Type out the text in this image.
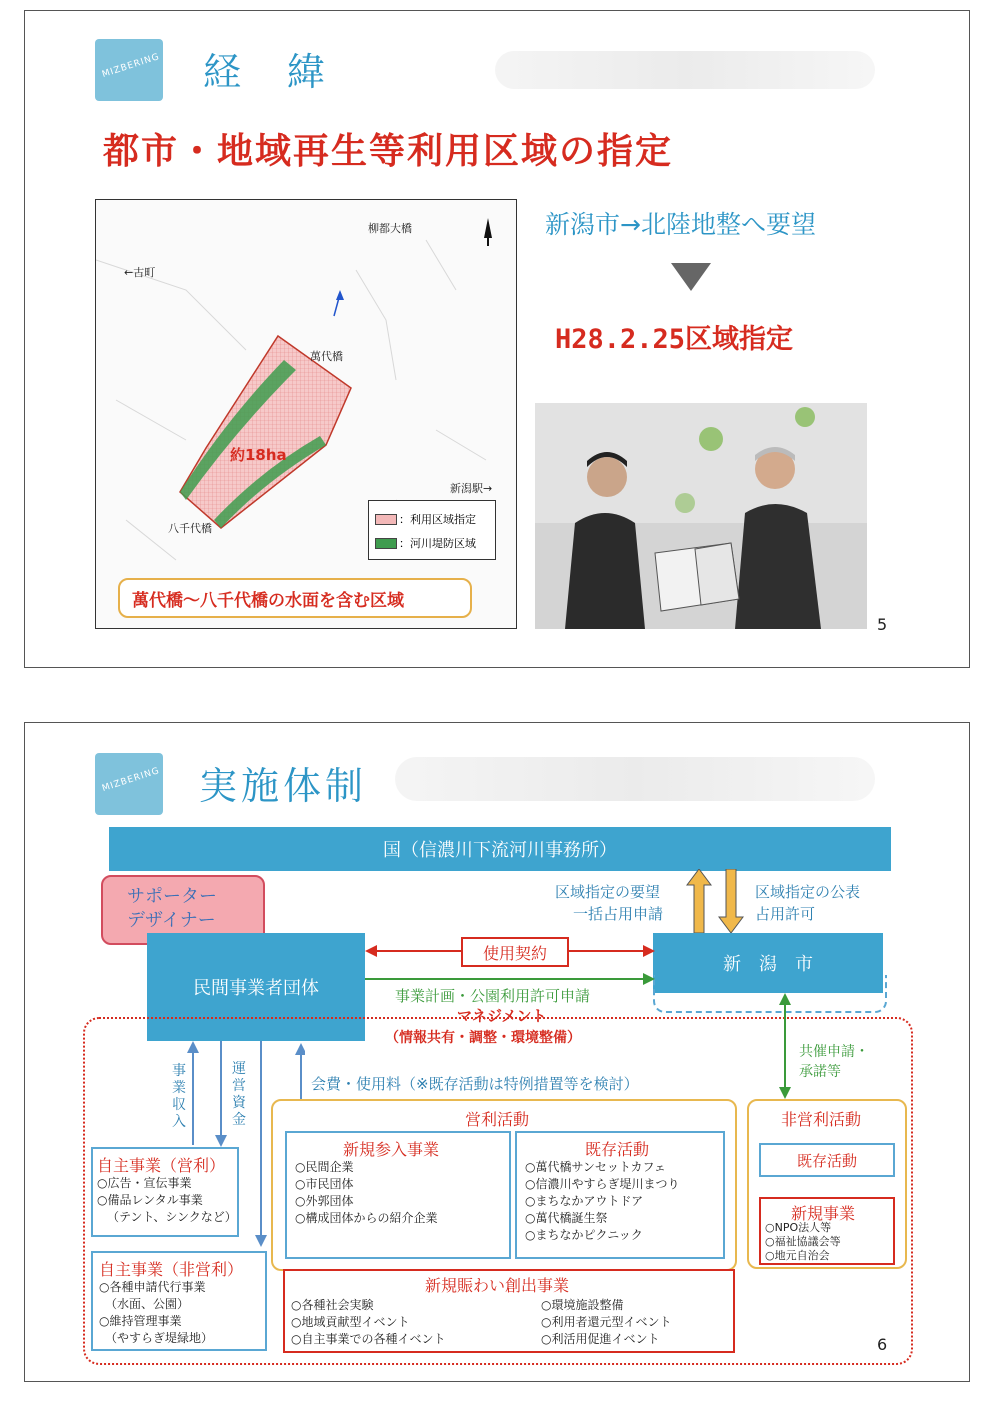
MIZBERING 経　緯
都市・地域再生等利用区域の指定
柳都大橋
←古町
萬代橋
約18ha
新潟駅→
八千代橋
：利用区域指定
：河川堤防区域
萬代橋～八千代橋の水面を含む区域
新潟市→北陸地整へ要望
H28.2.25区域指定
5
MIZBERING 実施体制
国（信濃川下流河川事務所）
サポーター
デザイナー
区域指定の要望
一括占用申請
区域指定の公表
占用許可
民間事業者団体
新　潟　市
使用契約
事業計画・公園利用許可申請
マネジメント
（情報共有・調整・環境整備）
共催申請・
承諾等
事業収入
運営資金
会費・使用料（※既存活動は特例措置等を検討）
営利活動
新規参入事業
○民間企業
○市民団体
○外郭団体
○構成団体からの紹介企業
既存活動
○萬代橋サンセットカフェ
○信濃川やすらぎ堤川まつり
○まちなかアウトドア
○萬代橋誕生祭
○まちなかピクニック
非営利活動
既存活動
新規事業
○NPO法人等
○福祉協議会等
○地元自治会
自主事業（営利）
○広告・宣伝事業
○備品レンタル事業
（テント、シンクなど）
自主事業（非営利）
○各種申請代行事業
（水面、公園）
○維持管理事業
（やすらぎ堤緑地）
新規賑わい創出事業
○各種社会実験
○地域貢献型イベント
○自主事業での各種イベント
○環境施設整備
○利用者還元型イベント
○利活用促進イベント	6
